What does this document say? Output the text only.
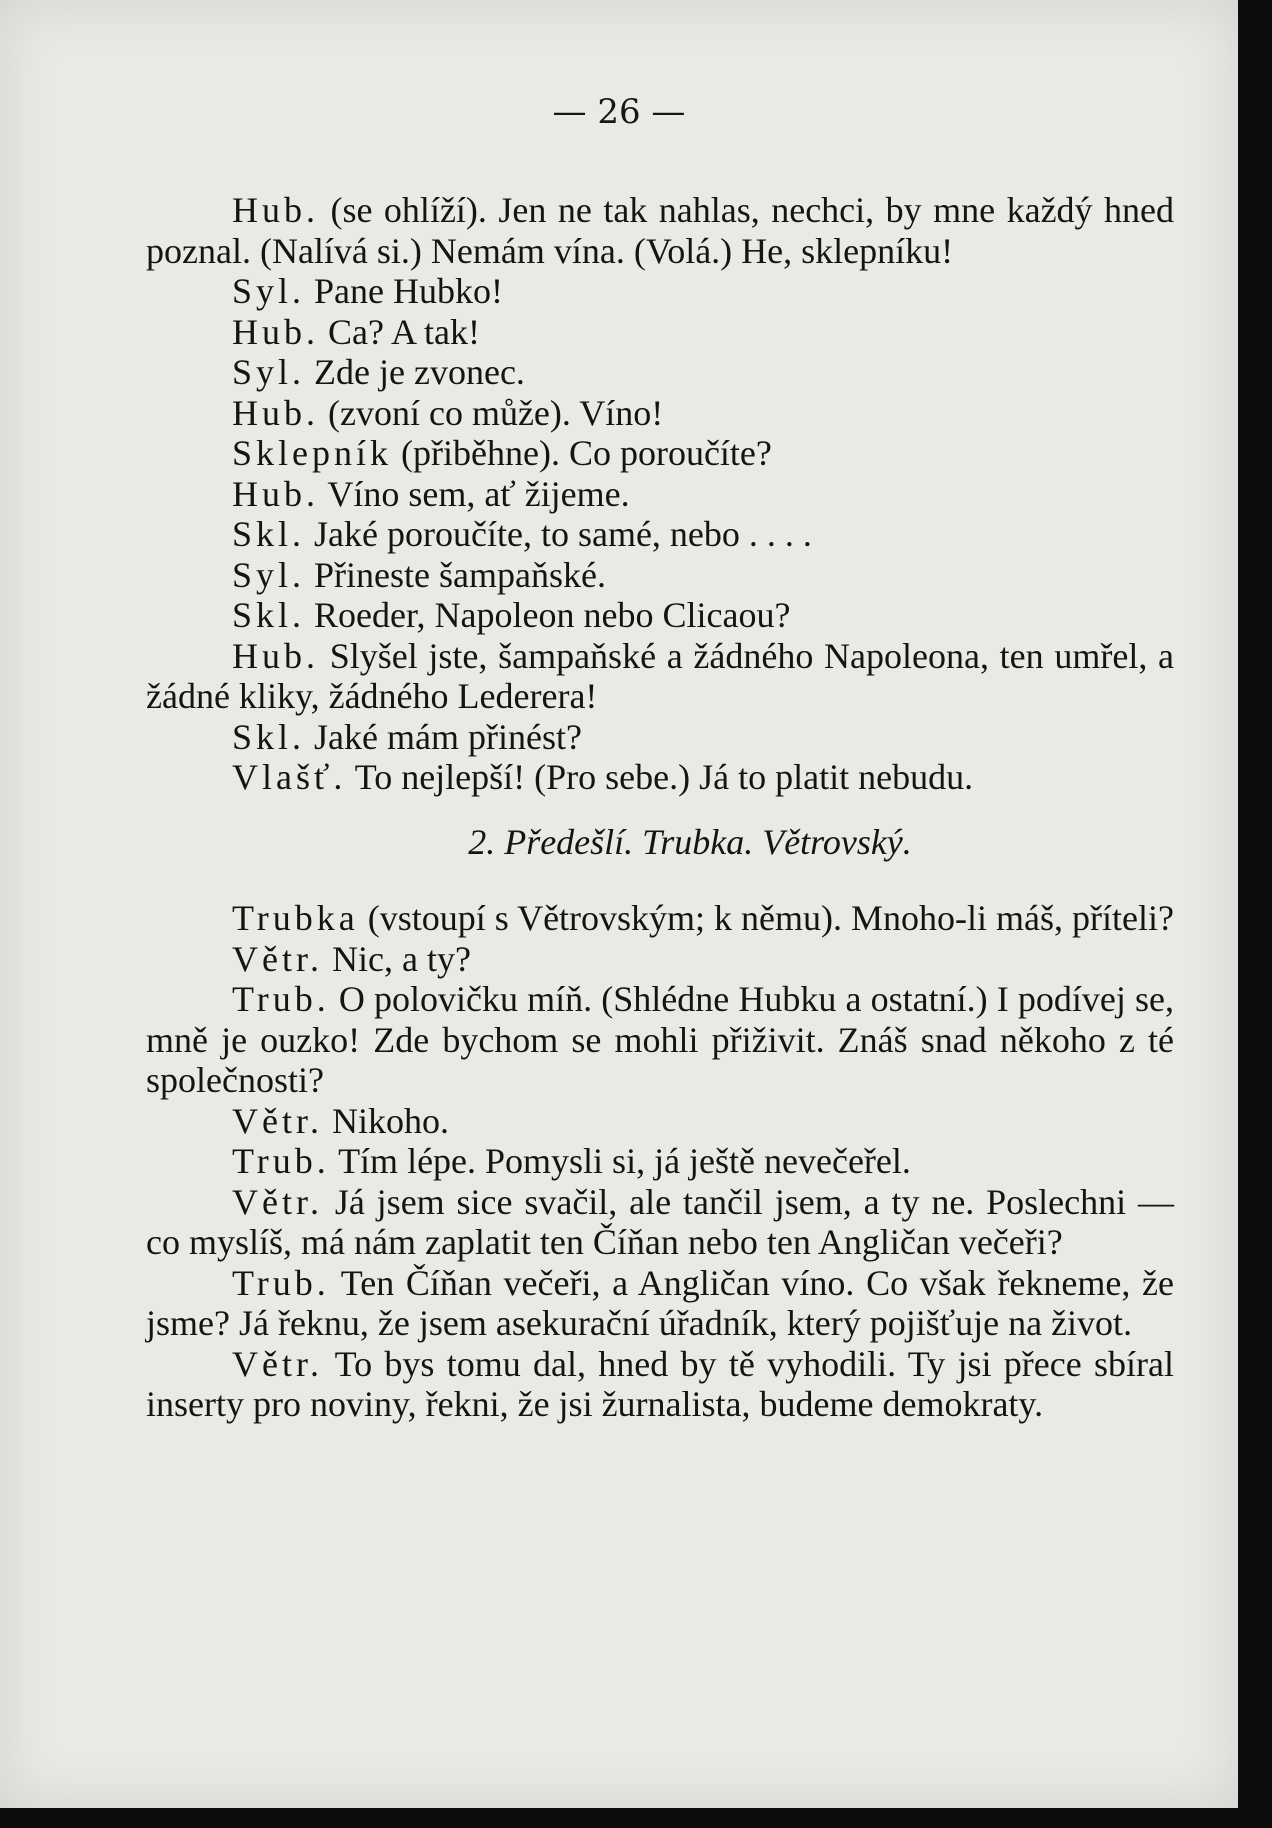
— 26 —

Hub. (se ohlíží). Jen ne tak nahlas, nechci, by mne každý hned poznal. (Nalívá si.) Nemám vína. (Volá.) He, sklepníku!

Syl. Pane Hubko!

Hub. Ca? A tak!

Syl. Zde je zvonec.

Hub. (zvoní co může). Víno!

Sklepník (přiběhne). Co poroučíte?

Hub. Víno sem, ať žijeme.

Skl. Jaké poroučíte, to samé, nebo . . . .

Syl. Přineste šampaňské.

Skl. Roeder, Napoleon nebo Clicaou?

Hub. Slyšel jste, šampaňské a žádného Napoleona, ten umřel, a žádné kliky, žádného Lederera!

Skl. Jaké mám přinést?

Vlašť. To nejlepší! (Pro sebe.) Já to platit nebudu.

2. Předešlí. Trubka. Větrovský.

Trubka (vstoupí s Větrovským; k němu). Mnoho-li máš, příteli?

Větr. Nic, a ty?

Trub. O polovičku míň. (Shlédne Hubku a ostatní.) I podívej se, mně je ouzko! Zde bychom se mohli přiživit. Znáš snad někoho z té společnosti?

Větr. Nikoho.

Trub. Tím lépe. Pomysli si, já ještě nevečeřel.

Větr. Já jsem sice svačil, ale tančil jsem, a ty ne. Poslechni — co myslíš, má nám zaplatit ten Číňan nebo ten Angličan večeři?

Trub. Ten Číňan večeři, a Angličan víno. Co však řekneme, že jsme? Já řeknu, že jsem asekurační úřadník, který pojišťuje na život.

Větr. To bys tomu dal, hned by tě vyhodili. Ty jsi přece sbíral inserty pro noviny, řekni, že jsi žurnalista, budeme demokraty.
